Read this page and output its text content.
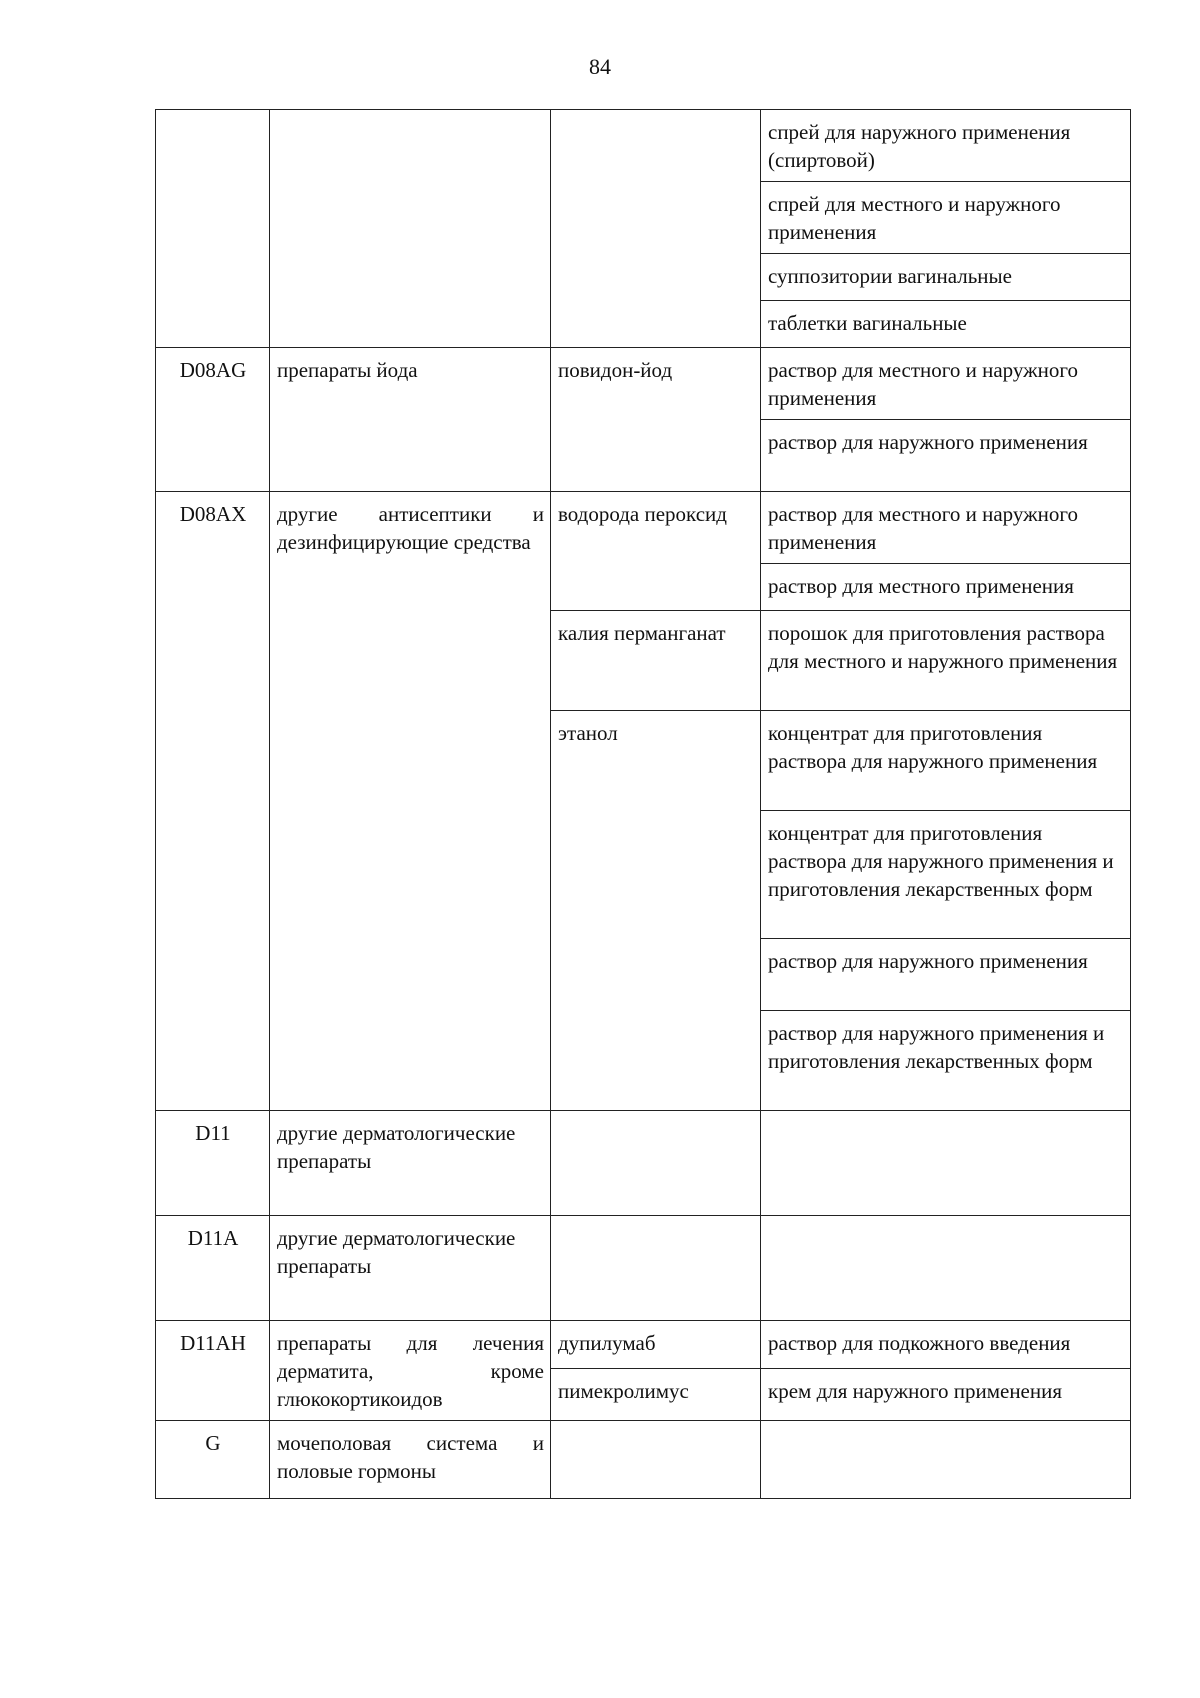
84
			спрей для наружного применения (спиртовой)
			спрей для местного и наружного применения
			суппозитории вагинальные
			таблетки вагинальные
D08AG	препараты йода	повидон-йод	раствор для местного и наружного применения
			раствор для наружного применения
D08AX	другие антисептики и дезинфицирующие средства	водорода пероксид	раствор для местного и наружного применения
			раствор для местного применения
		калия перманганат	порошок для приготовления раствора для местного и наружного применения
		этанол	концентрат для приготовления раствора для наружного применения
			концентрат для приготовления раствора для наружного применения и приготовления лекарственных форм
			раствор для наружного применения
			раствор для наружного применения и приготовления лекарственных форм
D11	другие дерматологические препараты		
D11A	другие дерматологические препараты		
D11AH	препараты для лечения дерматита, кроме глюкокортикоидов	дупилумаб	раствор для подкожного введения
		пимекролимус	крем для наружного применения
G	мочеполовая система и половые гормоны		
